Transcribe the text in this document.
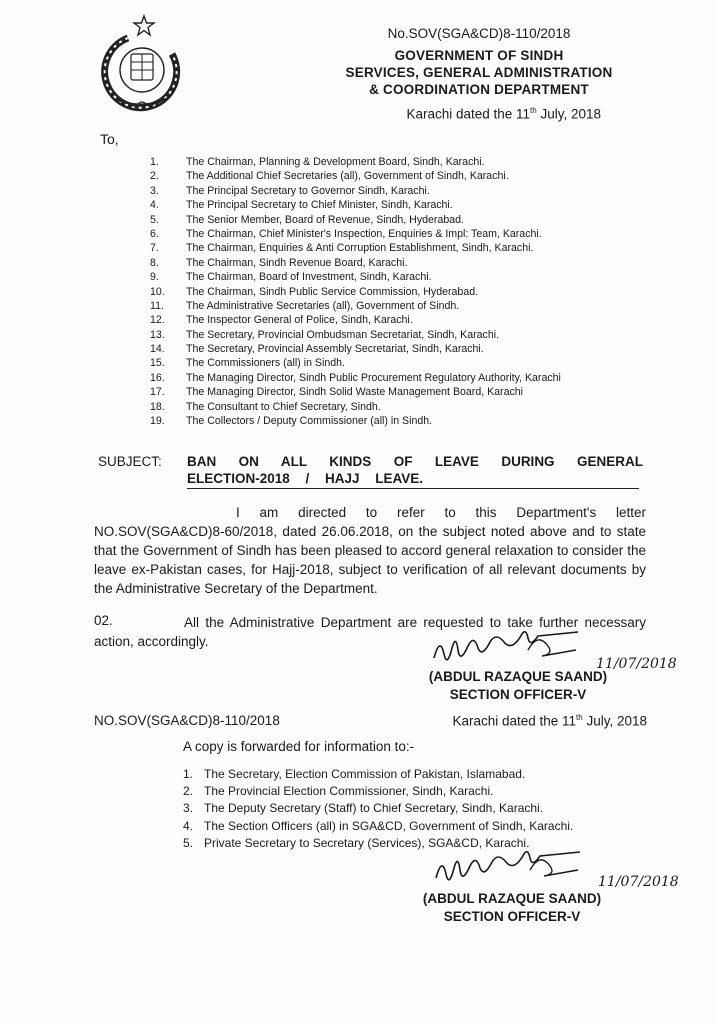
No.SOV(SGA&CD)8-110/2018
GOVERNMENT OF SINDH
SERVICES, GENERAL ADMINISTRATION
& COORDINATION DEPARTMENT
Karachi dated the 11th July, 2018
To,
1.	The Chairman, Planning & Development Board, Sindh, Karachi.
2.	The Additional Chief Secretaries (all), Government of Sindh, Karachi.
3.	The Principal Secretary to Governor Sindh, Karachi.
4.	The Principal Secretary to Chief Minister, Sindh, Karachi.
5.	The Senior Member, Board of Revenue, Sindh, Hyderabad.
6.	The Chairman, Chief Minister's Inspection, Enquiries & Impl: Team, Karachi.
7.	The Chairman, Enquiries & Anti Corruption Establishment, Sindh, Karachi.
8.	The Chairman, Sindh Revenue Board, Karachi.
9.	The Chairman, Board of Investment, Sindh, Karachi.
10.	The Chairman, Sindh Public Service Commission, Hyderabad.
11.	The Administrative Secretaries (all), Government of Sindh.
12.	The Inspector General of Police, Sindh, Karachi.
13.	The Secretary, Provincial Ombudsman Secretariat, Sindh, Karachi.
14.	The Secretary, Provincial Assembly Secretariat, Sindh, Karachi.
15.	The Commissioners (all) in Sindh.
16.	The Managing Director, Sindh Public Procurement Regulatory Authority, Karachi
17.	The Managing Director, Sindh Solid Waste Management Board, Karachi
18.	The Consultant to Chief Secretary, Sindh.
19.	The Collectors / Deputy Commissioner (all) in Sindh.
SUBJECT: BAN ON ALL KINDS OF LEAVE DURING GENERAL ELECTION-2018 / HAJJ LEAVE.
I am directed to refer to this Department's letter NO.SOV(SGA&CD)8-60/2018, dated 26.06.2018, on the subject noted above and to state that the Government of Sindh has been pleased to accord general relaxation to consider the leave ex-Pakistan cases, for Hajj-2018, subject to verification of all relevant documents by the Administrative Secretary of the Department.
02.	All the Administrative Department are requested to take further necessary action, accordingly.
11/07/2018
(ABDUL RAZAQUE SAAND)
SECTION OFFICER-V
NO.SOV(SGA&CD)8-110/2018	Karachi dated the 11th July, 2018
A copy is forwarded for information to:-
1. The Secretary, Election Commission of Pakistan, Islamabad.
2. The Provincial Election Commissioner, Sindh, Karachi.
3. The Deputy Secretary (Staff) to Chief Secretary, Sindh, Karachi.
4. The Section Officers (all) in SGA&CD, Government of Sindh, Karachi.
5. Private Secretary to Secretary (Services), SGA&CD, Karachi.
11/07/2018
(ABDUL RAZAQUE SAAND)
SECTION OFFICER-V
